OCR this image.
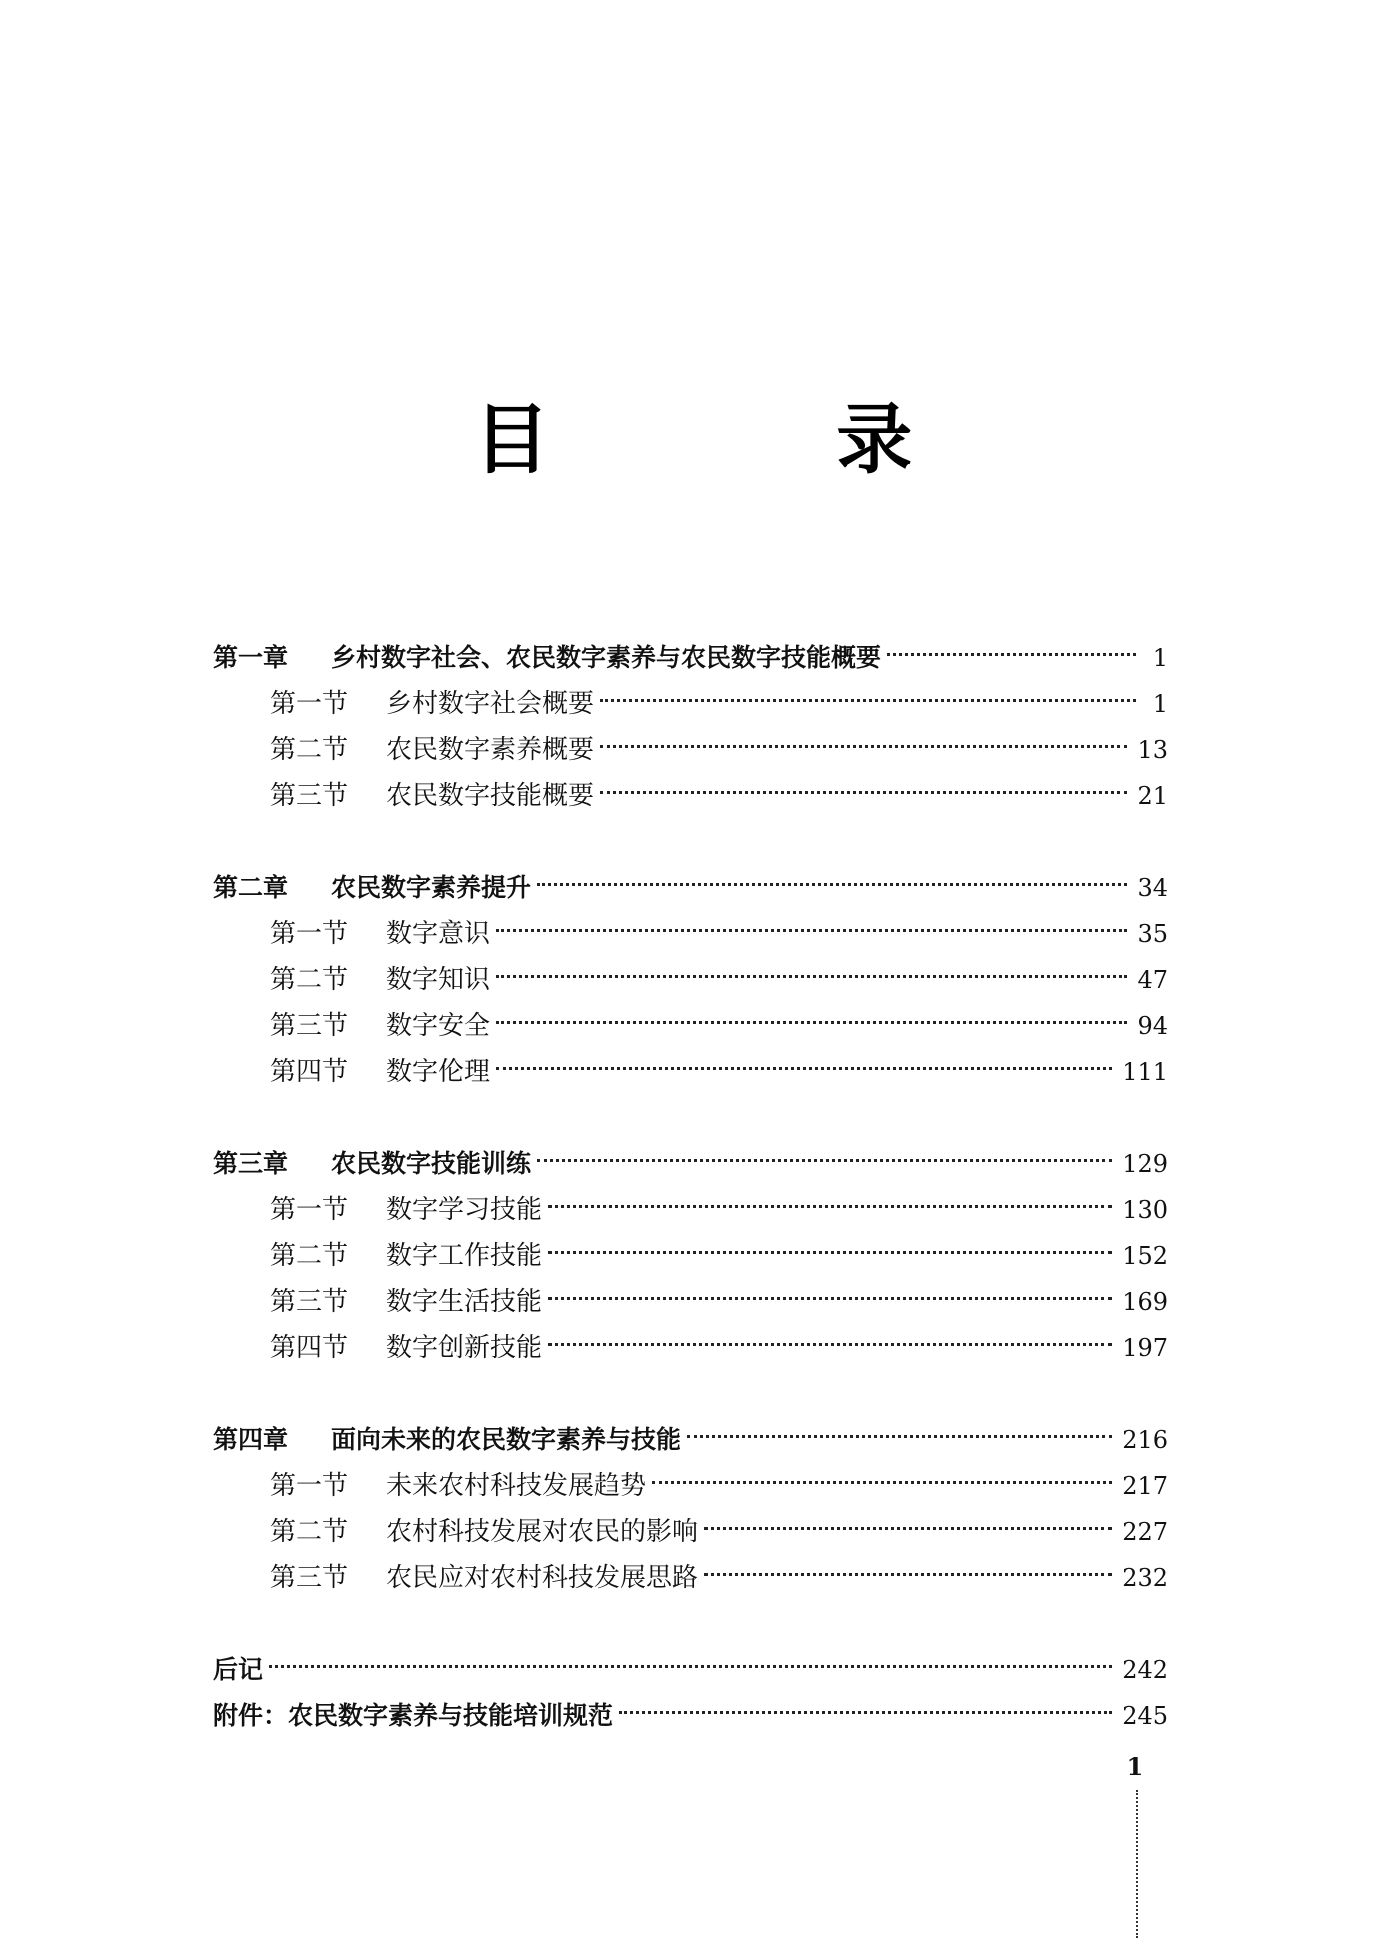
目 录
第一章	乡村数字社会、农民数字素养与农民数字技能概要	1
第一节	乡村数字社会概要	1
第二节	农民数字素养概要	13
第三节	农民数字技能概要	21
第二章	农民数字素养提升	34
第一节	数字意识	35
第二节	数字知识	47
第三节	数字安全	94
第四节	数字伦理	111
第三章	农民数字技能训练	129
第一节	数字学习技能	130
第二节	数字工作技能	152
第三节	数字生活技能	169
第四节	数字创新技能	197
第四章	面向未来的农民数字素养与技能	216
第一节	未来农村科技发展趋势	217
第二节	农村科技发展对农民的影响	227
第三节	农民应对农村科技发展思路	232
后记	242
附件：农民数字素养与技能培训规范	245
1
